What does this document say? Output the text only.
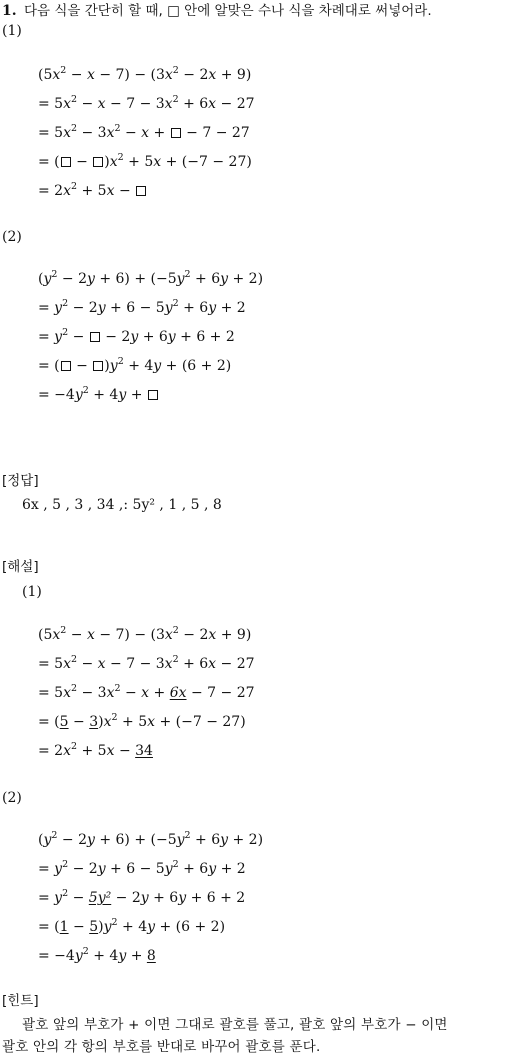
1. 다음 식을 간단히 할 때, □ 안에 알맞은 수나 식을 차례대로 써넣어라.
(1)
$(5x^2 - x - 7) - (3x^2 - 2x + 9)$
= $5x^2 - x - 7 - 3x^2 + 6x - 27$
= $5x^2 - 3x^2 - x$ + − 7 − 27
= ( − )$x^2 + 5x + (-7 - 27)$
= $2x^2 + 5x$ −
(2)
$(y^2 - 2y + 6) + (-5y^2 + 6y + 2)$
= $y^2 - 2y + 6 - 5y^2 + 6y + 2$
= $y^2$ − − 2y + 6y + 6 + 2
= ( − )$y^2 + 4y + (6 + 2)$
= $-4y^2 + 4y$ +
[정답]
6x , 5 , 3 , 34 ,: 5y² , 1 , 5 , 8
[해설]
(1)
$(5x^2 - x - 7) - (3x^2 - 2x + 9)$
= $5x^2 - x - 7 - 3x^2 + 6x - 27$
= $5x^2 - 3x^2 - x + 6x - 7 - 27$
= $(5 - 3)x^2 + 5x + (-7 - 27)$
= $2x^2 + 5x - 34$
(2)
$(y^2 - 2y + 6) + (-5y^2 + 6y + 2)$
= $y^2 - 2y + 6 - 5y^2 + 6y + 2$
= $y^2 - 5y^2 - 2y + 6y + 6 + 2$
= $(1 - 5)y^2 + 4y + (6 + 2)$
= $-4y^2 + 4y + 8$
[힌트]
괄호 앞의 부호가 + 이면 그대로 괄호를 풀고, 괄호 앞의 부호가 − 이면
괄호 안의 각 항의 부호를 반대로 바꾸어 괄호를 푼다.
